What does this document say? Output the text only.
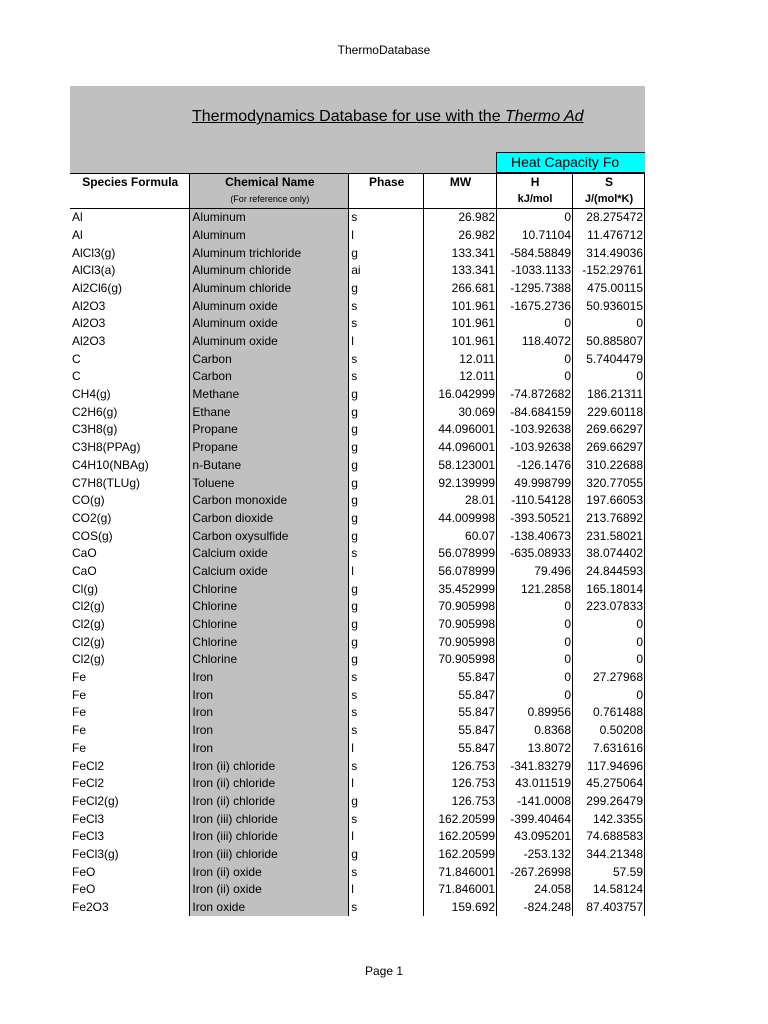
ThermoDatabase
Thermodynamics Database for use with the Thermo Ad
Heat Capacity Fo
Species Formula	Chemical Name	Phase	MW	H	S
	(For reference only)			kJ/mol	J/(mol*K)
Al	Aluminum	s	26.982	0	28.275472
Al	Aluminum	l	26.982	10.71104	11.476712
AlCl3(g)	Aluminum trichloride	g	133.341	-584.58849	314.49036
AlCl3(a)	Aluminum chloride	ai	133.341	-1033.1133	-152.29761
Al2Cl6(g)	Aluminum chloride	g	266.681	-1295.7388	475.00115
Al2O3	Aluminum oxide	s	101.961	-1675.2736	50.936015
Al2O3	Aluminum oxide	s	101.961	0	0
Al2O3	Aluminum oxide	l	101.961	118.4072	50.885807
C	Carbon	s	12.011	0	5.7404479
C	Carbon	s	12.011	0	0
CH4(g)	Methane	g	16.042999	-74.872682	186.21311
C2H6(g)	Ethane	g	30.069	-84.684159	229.60118
C3H8(g)	Propane	g	44.096001	-103.92638	269.66297
C3H8(PPAg)	Propane	g	44.096001	-103.92638	269.66297
C4H10(NBAg)	n-Butane	g	58.123001	-126.1476	310.22688
C7H8(TLUg)	Toluene	g	92.139999	49.998799	320.77055
CO(g)	Carbon monoxide	g	28.01	-110.54128	197.66053
CO2(g)	Carbon dioxide	g	44.009998	-393.50521	213.76892
COS(g)	Carbon oxysulfide	g	60.07	-138.40673	231.58021
CaO	Calcium oxide	s	56.078999	-635.08933	38.074402
CaO	Calcium oxide	l	56.078999	79.496	24.844593
Cl(g)	Chlorine	g	35.452999	121.2858	165.18014
Cl2(g)	Chlorine	g	70.905998	0	223.07833
Cl2(g)	Chlorine	g	70.905998	0	0
Cl2(g)	Chlorine	g	70.905998	0	0
Cl2(g)	Chlorine	g	70.905998	0	0
Fe	Iron	s	55.847	0	27.27968
Fe	Iron	s	55.847	0	0
Fe	Iron	s	55.847	0.89956	0.761488
Fe	Iron	s	55.847	0.8368	0.50208
Fe	Iron	l	55.847	13.8072	7.631616
FeCl2	Iron (ii) chloride	s	126.753	-341.83279	117.94696
FeCl2	Iron (ii) chloride	l	126.753	43.011519	45.275064
FeCl2(g)	Iron (ii) chloride	g	126.753	-141.0008	299.26479
FeCl3	Iron (iii) chloride	s	162.20599	-399.40464	142.3355
FeCl3	Iron (iii) chloride	l	162.20599	43.095201	74.688583
FeCl3(g)	Iron (iii) chloride	g	162.20599	-253.132	344.21348
FeO	Iron (ii) oxide	s	71.846001	-267.26998	57.59
FeO	Iron (ii) oxide	l	71.846001	24.058	14.58124
Fe2O3	Iron oxide	s	159.692	-824.248	87.403757
Page 1
